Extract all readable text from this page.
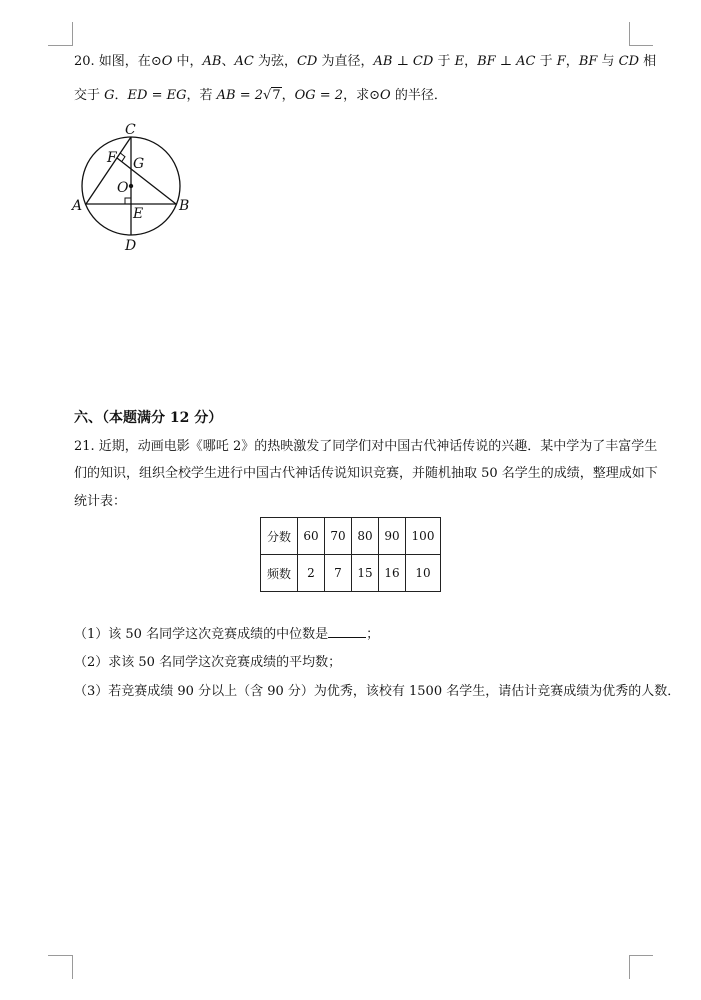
20. 如图，在⊙O 中，AB、AC 为弦，CD 为直径，AB ⊥ CD 于 E，BF ⊥ AC 于 F，BF 与 CD 相
交于 G．ED = EG，若 AB = 2√7，OG = 2，求⊙O 的半径．
C
F G
O
A	E	B
D
六、（本题满分 12 分）
21. 近期，动画电影《哪吒 2》的热映激发了同学们对中国古代神话传说的兴趣．某中学为了丰富学生
们的知识，组织全校学生进行中国古代神话传说知识竞赛，并随机抽取 50 名学生的成绩，整理成如下
统计表：
分数	60	70	80	90	100
频数	2	7	15	16	10
（1）该 50 名同学这次竞赛成绩的中位数是	；
（2）求该 50 名同学这次竞赛成绩的平均数；
（3）若竞赛成绩 90 分以上（含 90 分）为优秀，该校有 1500 名学生，请估计竞赛成绩为优秀的人数．
